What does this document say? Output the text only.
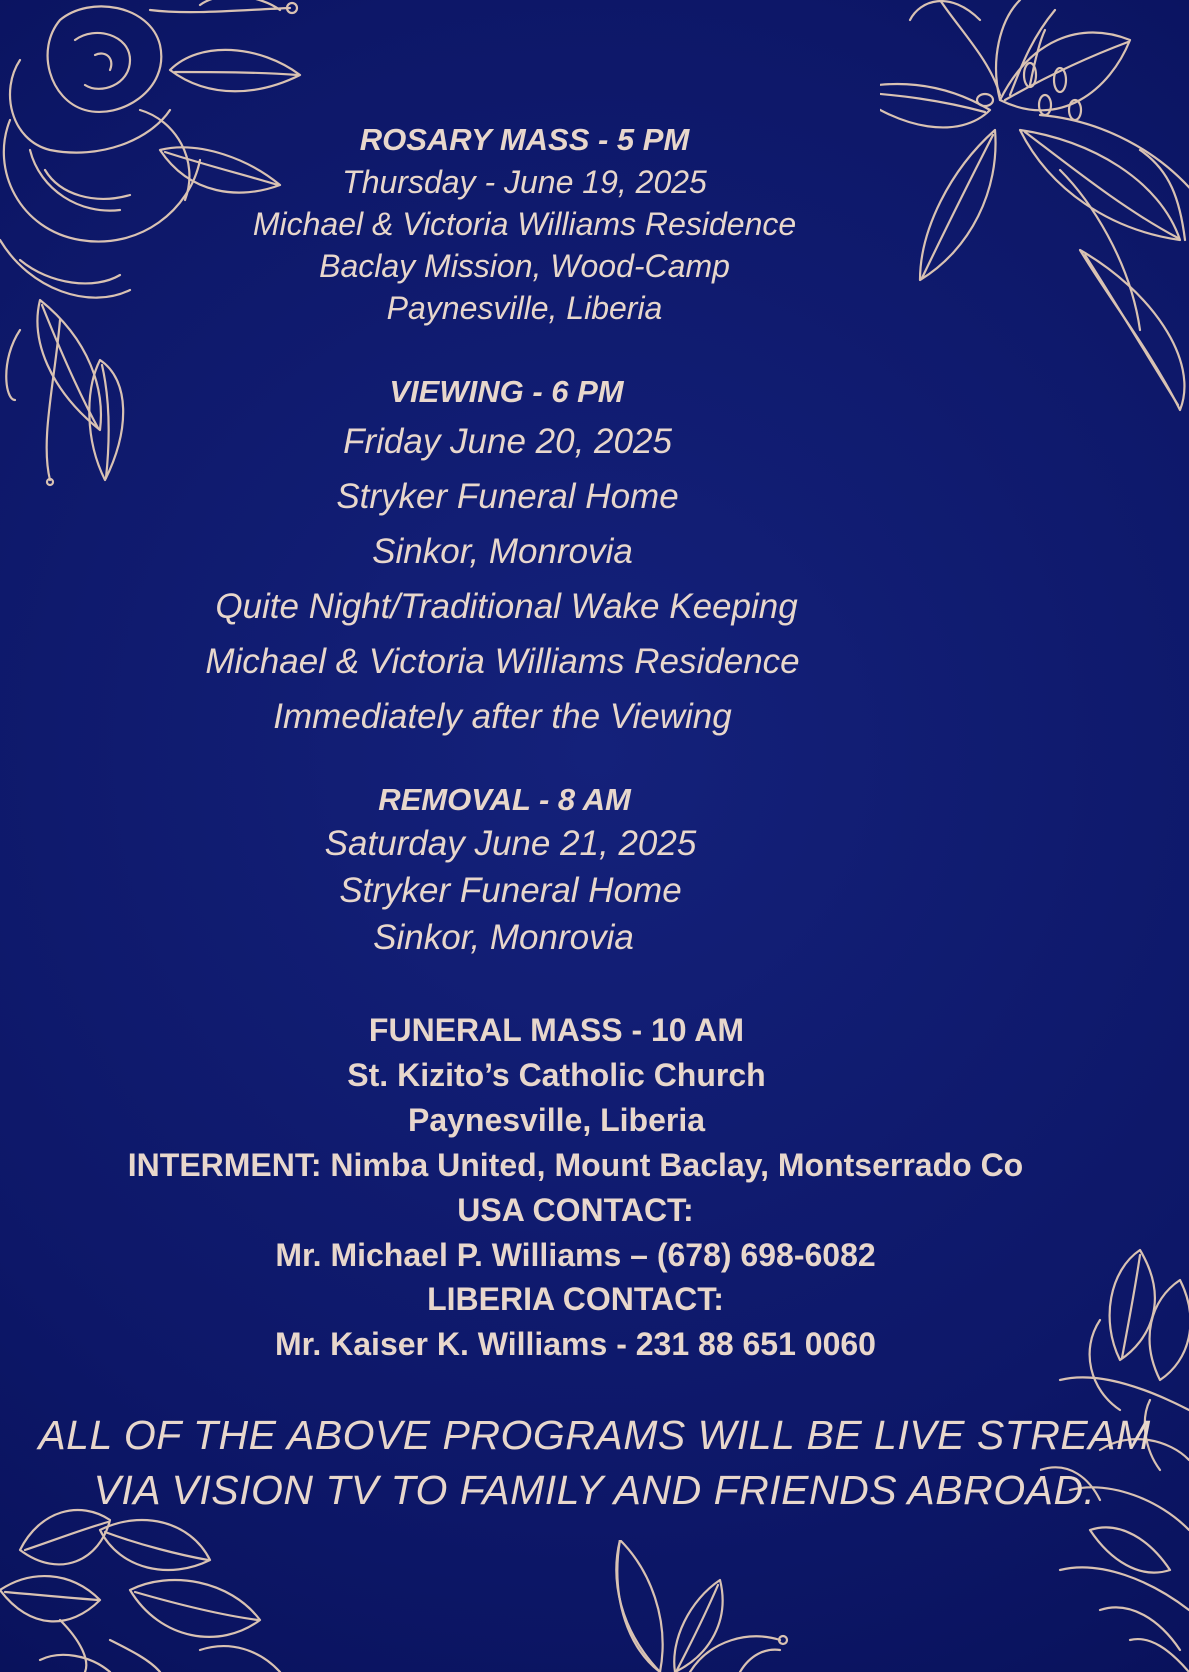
ROSARY MASS - 5 PM
Thursday - June 19, 2025
Michael & Victoria Williams Residence
Baclay Mission, Wood-Camp
Paynesville, Liberia
VIEWING - 6 PM
Friday June 20, 2025
Stryker Funeral Home
Sinkor, Monrovia
Quite Night/Traditional Wake Keeping
Michael & Victoria Williams Residence
Immediately after the Viewing
REMOVAL - 8 AM
Saturday June 21, 2025
Stryker Funeral Home
Sinkor, Monrovia
FUNERAL MASS - 10 AM
St. Kizito’s Catholic Church
Paynesville, Liberia
INTERMENT: Nimba United, Mount Baclay, Montserrado Co
USA CONTACT:
Mr. Michael P. Williams – (678) 698-6082
LIBERIA CONTACT:
Mr. Kaiser K. Williams - 231 88 651 0060
ALL OF THE ABOVE PROGRAMS WILL BE LIVE STREAM
VIA VISION TV TO FAMILY AND FRIENDS ABROAD.
